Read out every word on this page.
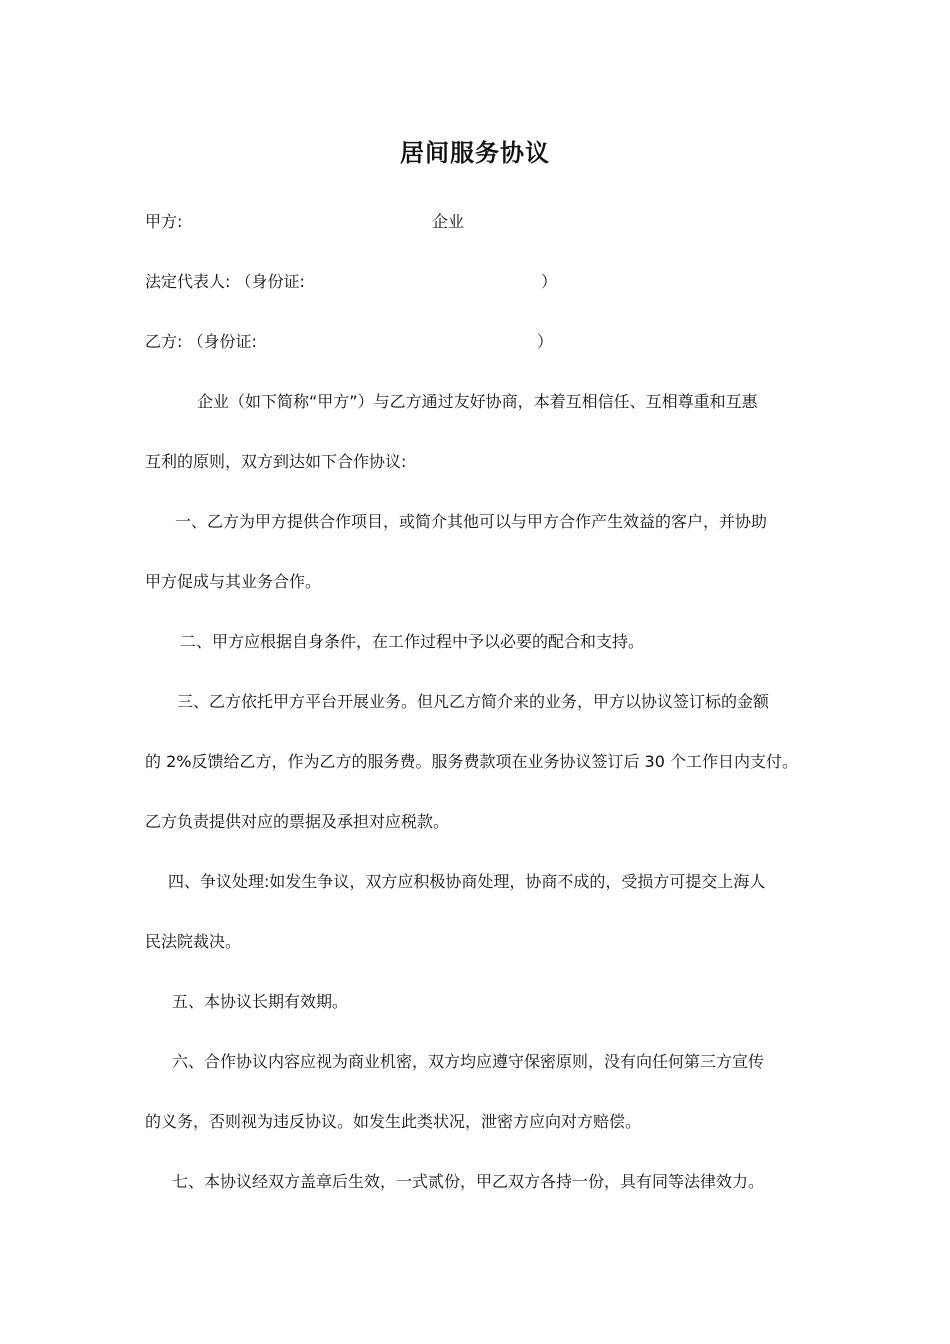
居间服务协议
甲方:	企业
法定代表人: （身份证:	）
乙方: （身份证:	）
企业（如下简称“甲方”）与乙方通过友好协商，本着互相信任、互相尊重和互惠
互利的原则，双方到达如下合作协议:
一、乙方为甲方提供合作项目，或简介其他可以与甲方合作产生效益的客户，并协助
甲方促成与其业务合作。
二、甲方应根据自身条件，在工作过程中予以必要的配合和支持。
三、乙方依托甲方平台开展业务。但凡乙方简介来的业务，甲方以协议签订标的金额
的 2%反馈给乙方，作为乙方的服务费。服务费款项在业务协议签订后 30 个工作日内支付。
乙方负责提供对应的票据及承担对应税款。
四、争议处理:如发生争议，双方应积极协商处理，协商不成的，受损方可提交上海人
民法院裁决。
五、本协议长期有效期。
六、合作协议内容应视为商业机密，双方均应遵守保密原则，没有向任何第三方宣传
的义务，否则视为违反协议。如发生此类状况，泄密方应向对方赔偿。
七、本协议经双方盖章后生效，一式贰份，甲乙双方各持一份，具有同等法律效力。
